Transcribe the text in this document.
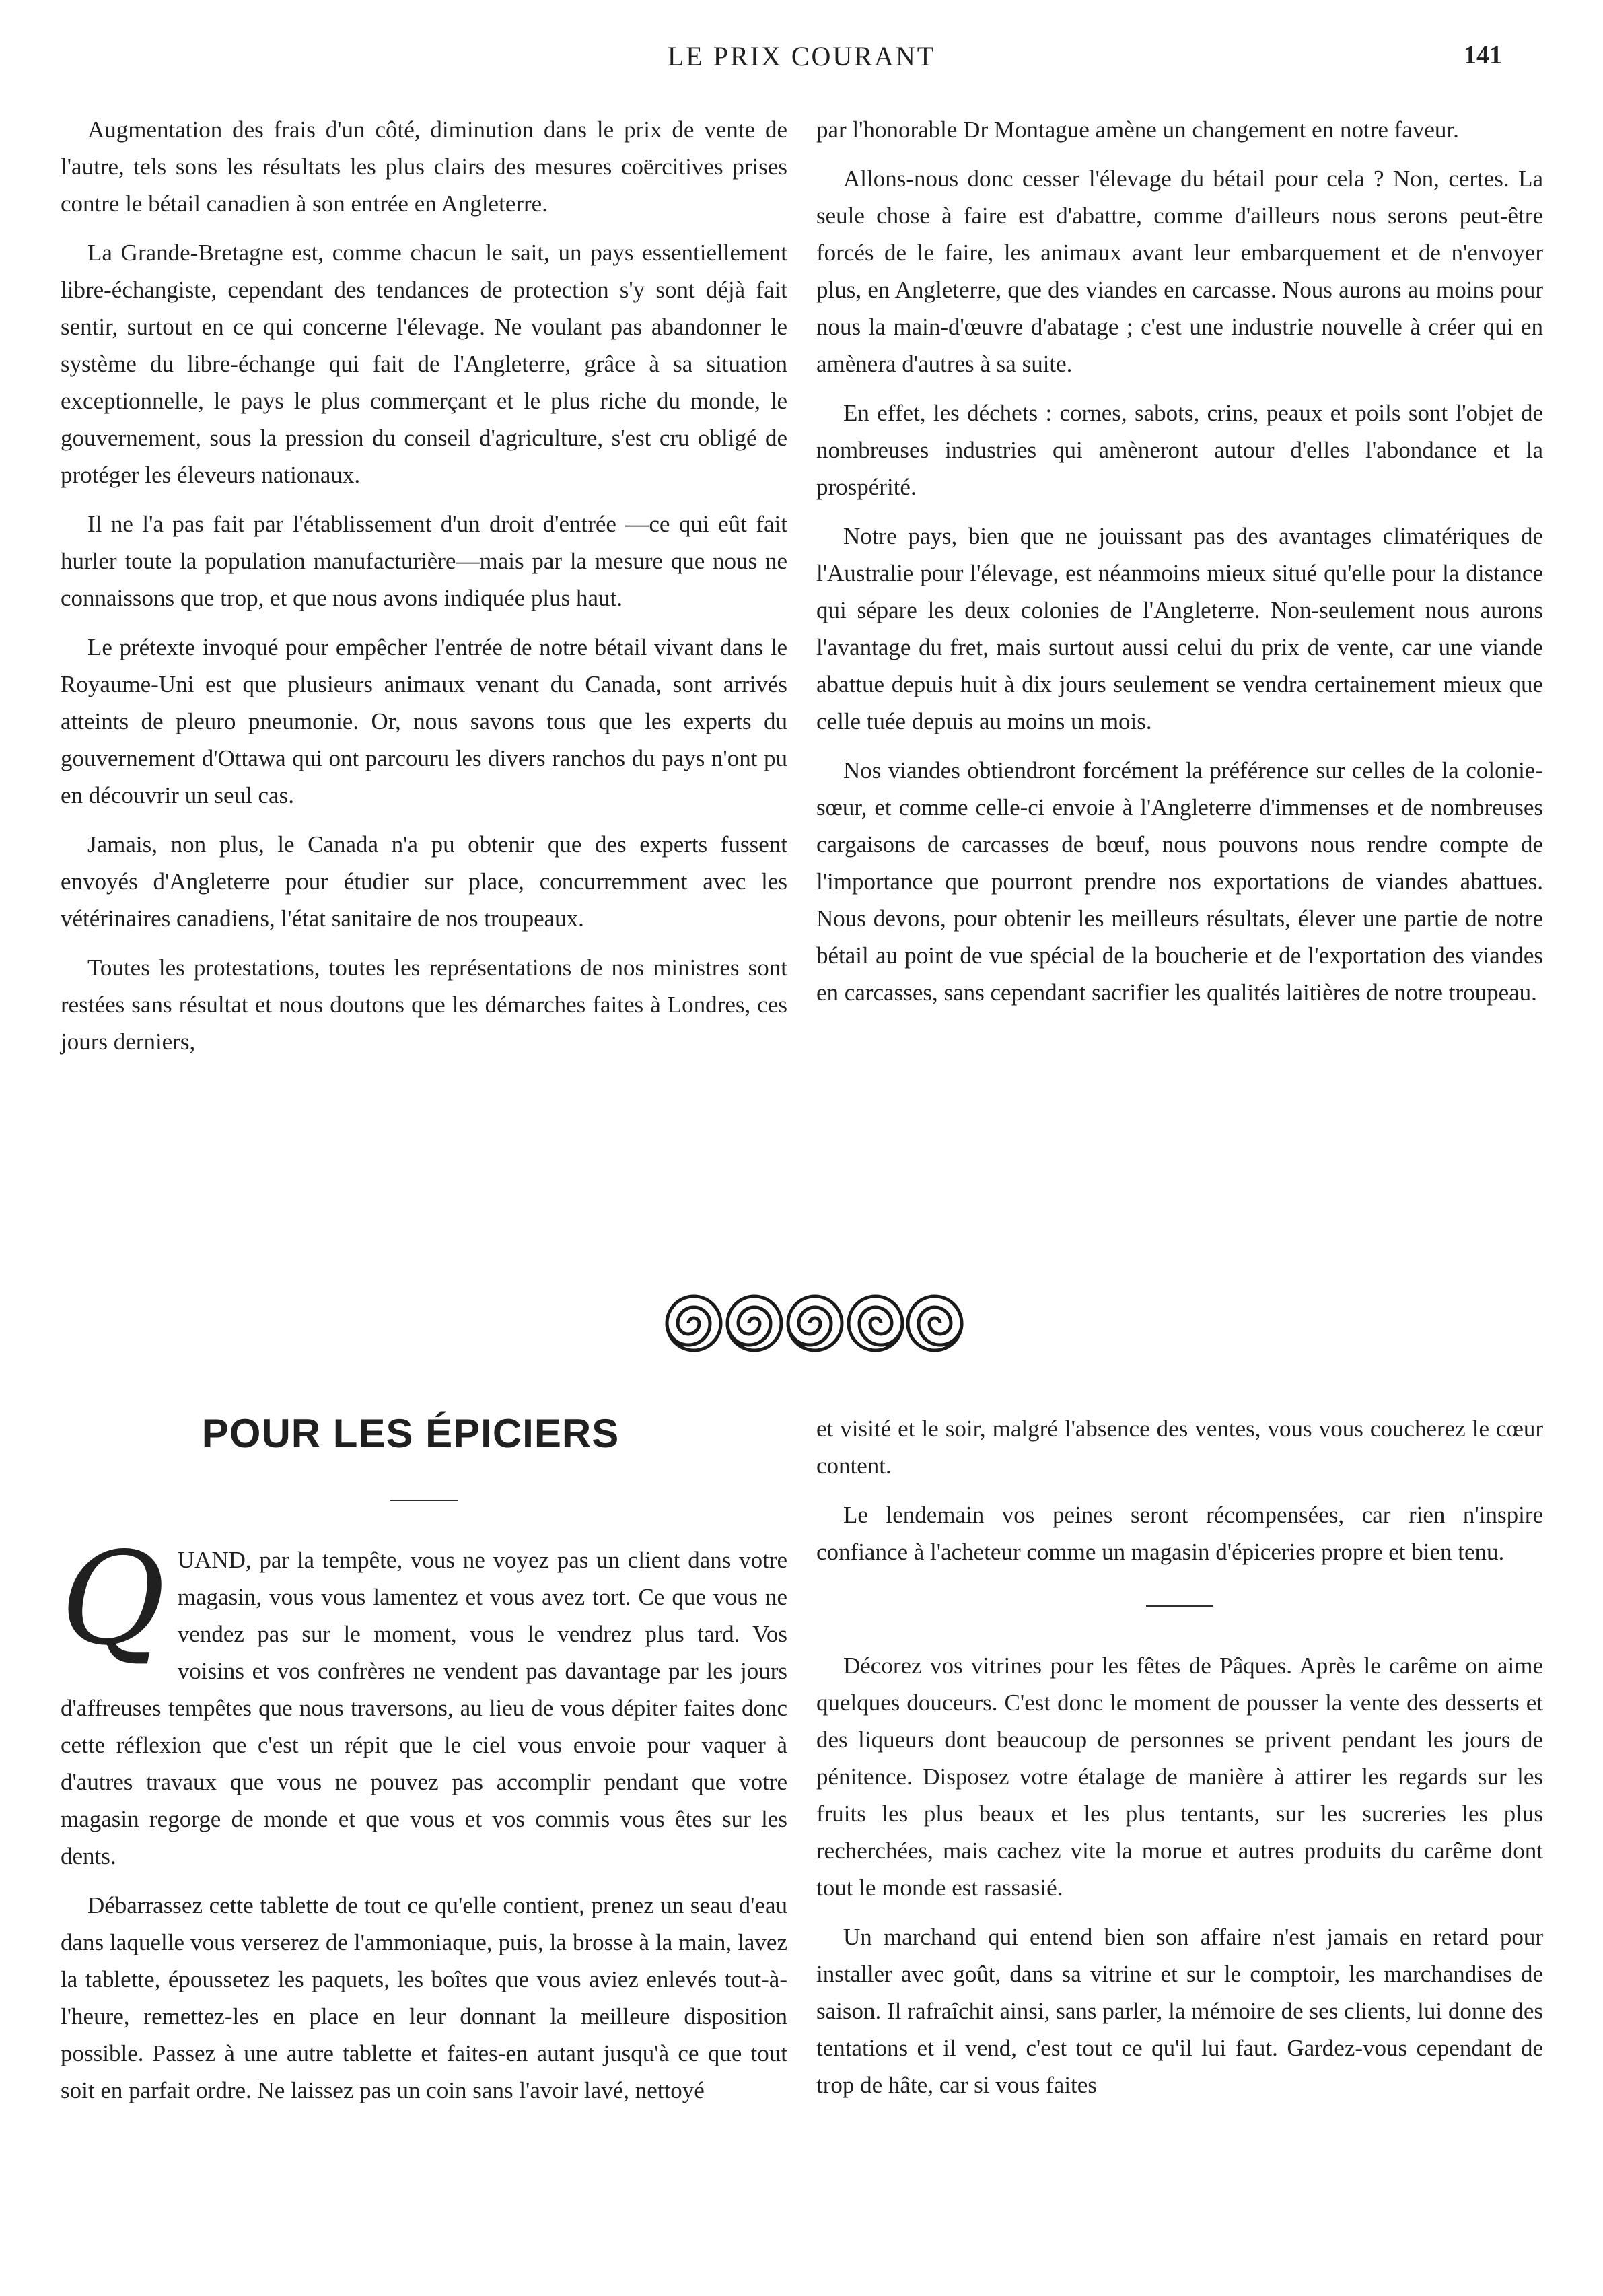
LE PRIX COURANT	141

Augmentation des frais d'un côté, diminution dans le prix de vente de l'autre, tels sons les résultats les plus clairs des mesures coërcitives prises contre le bétail canadien à son entrée en Angleterre.

La Grande-Bretagne est, comme chacun le sait, un pays essentiellement libre-échangiste, cependant des tendances de protection s'y sont déjà fait sentir, surtout en ce qui concerne l'élevage. Ne voulant pas abandonner le système du libre-échange qui fait de l'Angleterre, grâce à sa situation exceptionnelle, le pays le plus commerçant et le plus riche du monde, le gouvernement, sous la pression du conseil d'agriculture, s'est cru obligé de protéger les éleveurs nationaux.

Il ne l'a pas fait par l'établissement d'un droit d'entrée —ce qui eût fait hurler toute la population manufacturière—mais par la mesure que nous ne connaissons que trop, et que nous avons indiquée plus haut.

Le prétexte invoqué pour empêcher l'entrée de notre bétail vivant dans le Royaume-Uni est que plusieurs animaux venant du Canada, sont arrivés atteints de pleuro pneumonie. Or, nous savons tous que les experts du gouvernement d'Ottawa qui ont parcouru les divers ranchos du pays n'ont pu en découvrir un seul cas.

Jamais, non plus, le Canada n'a pu obtenir que des experts fussent envoyés d'Angleterre pour étudier sur place, concurremment avec les vétérinaires canadiens, l'état sanitaire de nos troupeaux.

Toutes les protestations, toutes les représentations de nos ministres sont restées sans résultat et nous doutons que les démarches faites à Londres, ces jours derniers,

par l'honorable Dr Montague amène un changement en notre faveur.

Allons-nous donc cesser l'élevage du bétail pour cela ? Non, certes. La seule chose à faire est d'abattre, comme d'ailleurs nous serons peut-être forcés de le faire, les animaux avant leur embarquement et de n'envoyer plus, en Angleterre, que des viandes en carcasse. Nous aurons au moins pour nous la main-d'œuvre d'abatage ; c'est une industrie nouvelle à créer qui en amènera d'autres à sa suite.

En effet, les déchets : cornes, sabots, crins, peaux et poils sont l'objet de nombreuses industries qui amèneront autour d'elles l'abondance et la prospérité.

Notre pays, bien que ne jouissant pas des avantages climatériques de l'Australie pour l'élevage, est néanmoins mieux situé qu'elle pour la distance qui sépare les deux colonies de l'Angleterre. Non-seulement nous aurons l'avantage du fret, mais surtout aussi celui du prix de vente, car une viande abattue depuis huit à dix jours seulement se vendra certainement mieux que celle tuée depuis au moins un mois.

Nos viandes obtiendront forcément la préférence sur celles de la colonie-sœur, et comme celle-ci envoie à l'Angleterre d'immenses et de nombreuses cargaisons de carcasses de bœuf, nous pouvons nous rendre compte de l'importance que pourront prendre nos exportations de viandes abattues. Nous devons, pour obtenir les meilleurs résultats, élever une partie de notre bétail au point de vue spécial de la boucherie et de l'exportation des viandes en carcasses, sans cependant sacrifier les qualités laitières de notre troupeau.

POUR LES ÉPICIERS

QUAND, par la tempête, vous ne voyez pas un client dans votre magasin, vous vous lamentez et vous avez tort. Ce que vous ne vendez pas sur le moment, vous le vendrez plus tard. Vos voisins et vos confrères ne vendent pas davantage par les jours d'affreuses tempêtes que nous traversons, au lieu de vous dépiter faites donc cette réflexion que c'est un répit que le ciel vous envoie pour vaquer à d'autres travaux que vous ne pouvez pas accomplir pendant que votre magasin regorge de monde et que vous et vos commis vous êtes sur les dents.

Débarrassez cette tablette de tout ce qu'elle contient, prenez un seau d'eau dans laquelle vous verserez de l'ammoniaque, puis, la brosse à la main, lavez la tablette, époussetez les paquets, les boîtes que vous aviez enlevés tout-à-l'heure, remettez-les en place en leur donnant la meilleure disposition possible. Passez à une autre tablette et faites-en autant jusqu'à ce que tout soit en parfait ordre. Ne laissez pas un coin sans l'avoir lavé, nettoyé

et visité et le soir, malgré l'absence des ventes, vous vous coucherez le cœur content.

Le lendemain vos peines seront récompensées, car rien n'inspire confiance à l'acheteur comme un magasin d'épiceries propre et bien tenu.

Décorez vos vitrines pour les fêtes de Pâques. Après le carême on aime quelques douceurs. C'est donc le moment de pousser la vente des desserts et des liqueurs dont beaucoup de personnes se privent pendant les jours de pénitence. Disposez votre étalage de manière à attirer les regards sur les fruits les plus beaux et les plus tentants, sur les sucreries les plus recherchées, mais cachez vite la morue et autres produits du carême dont tout le monde est rassasié.

Un marchand qui entend bien son affaire n'est jamais en retard pour installer avec goût, dans sa vitrine et sur le comptoir, les marchandises de saison. Il rafraîchit ainsi, sans parler, la mémoire de ses clients, lui donne des tentations et il vend, c'est tout ce qu'il lui faut. Gardez-vous cependant de trop de hâte, car si vous faites
